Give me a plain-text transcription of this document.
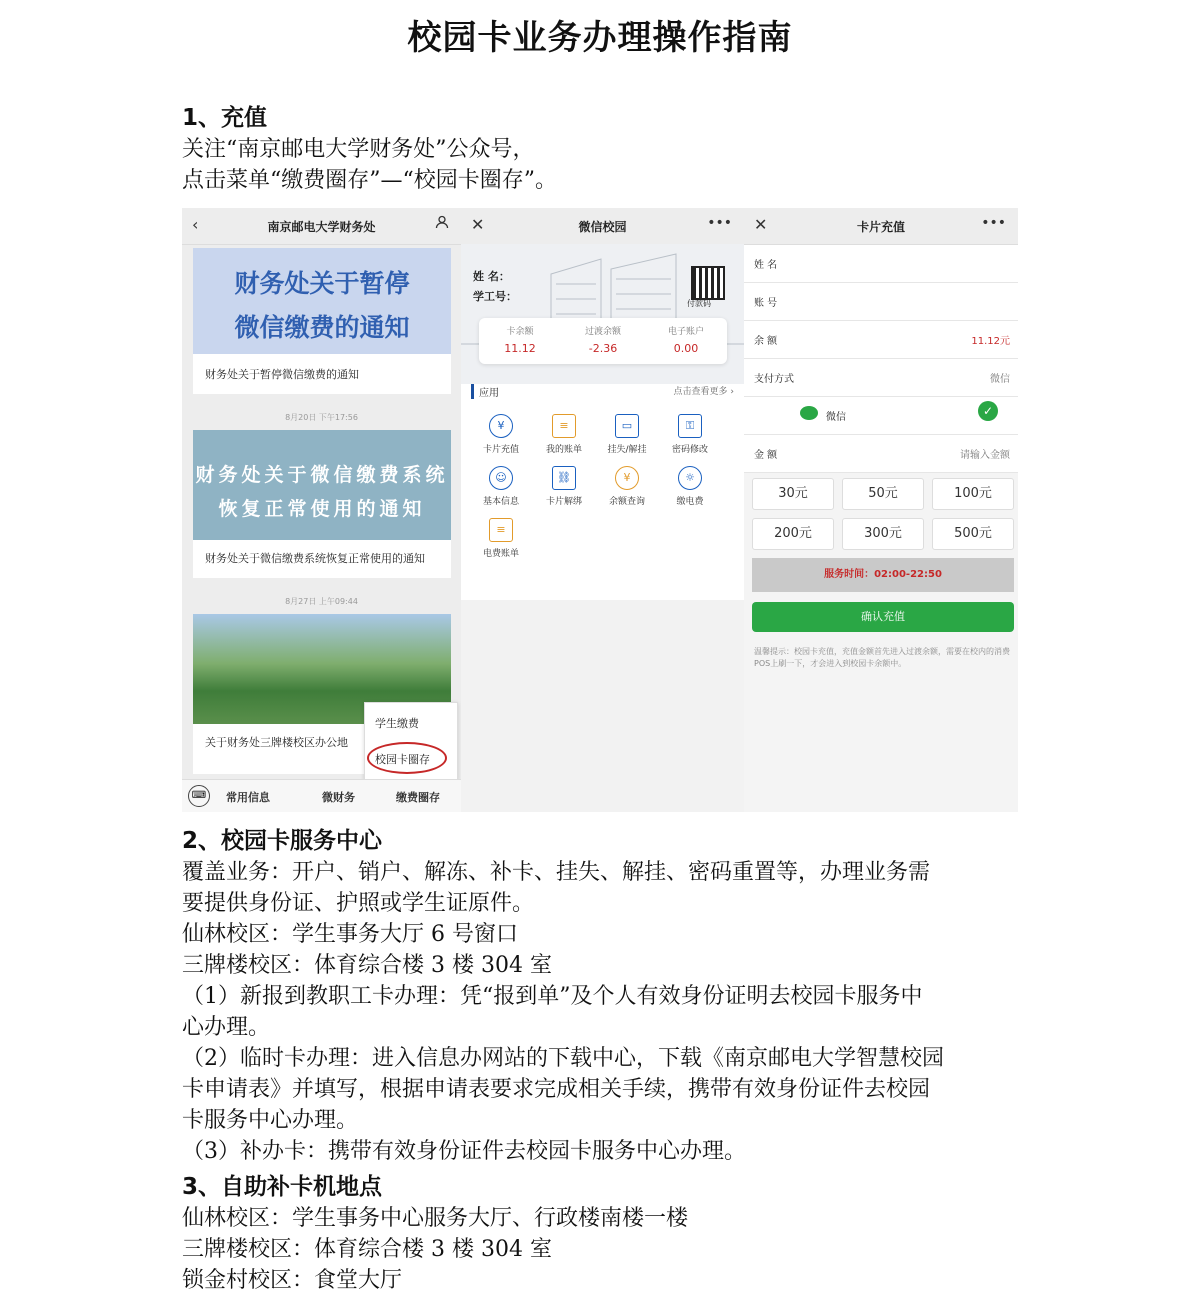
校园卡业务办理操作指南
1、充值
关注“南京邮电大学财务处”公众号，
点击菜单“缴费圈存”—“校园卡圈存”。
‹	南京邮电大学财务处
财务处关于暂停
微信缴费的通知
财务处关于暂停微信缴费的通知
8月20日 下午17:56
财务处关于微信缴费系统
恢复正常使用的通知
财务处关于微信缴费系统恢复正常使用的通知
8月27日 上午09:44
关于财务处三牌楼校区办公地
学生缴费
校园卡圈存
⌨	常用信息	微财务	缴费圈存
✕	微信校园	•••
姓 名：
学工号：
付款码
卡余额
11.12
过渡余额
-2.36
电子账户
0.00
应用	点击查看更多 ›
¥
卡片充值
≡
我的账单
▭
挂失/解挂
⚿
密码修改
☺
基本信息
⛓
卡片解绑
¥
余额查询
☼
缴电费
≡
电费账单
✕	卡片充值	•••
姓 名
账 号
余 额	11.12元
支付方式	微信
微信	✓
金 额	请输入金额
30元	50元	100元
200元	300元	500元
服务时间：02:00-22:50
确认充值
温馨提示：校园卡充值，充值金额首先进入过渡余额，需要在校内的消费POS上刷一下，才会进入到校园卡余额中。
2、校园卡服务中心
覆盖业务：开户、销户、解冻、补卡、挂失、解挂、密码重置等，办理业务需
要提供身份证、护照或学生证原件。
仙林校区：学生事务大厅 6 号窗口
三牌楼校区：体育综合楼 3 楼 304 室
（1）新报到教职工卡办理：凭“报到单”及个人有效身份证明去校园卡服务中
心办理。
（2）临时卡办理：进入信息办网站的下载中心，下载《南京邮电大学智慧校园
卡申请表》并填写，根据申请表要求完成相关手续，携带有效身份证件去校园
卡服务中心办理。
（3）补办卡：携带有效身份证件去校园卡服务中心办理。
3、自助补卡机地点
仙林校区：学生事务中心服务大厅、行政楼南楼一楼
三牌楼校区：体育综合楼 3 楼 304 室
锁金村校区：食堂大厅
